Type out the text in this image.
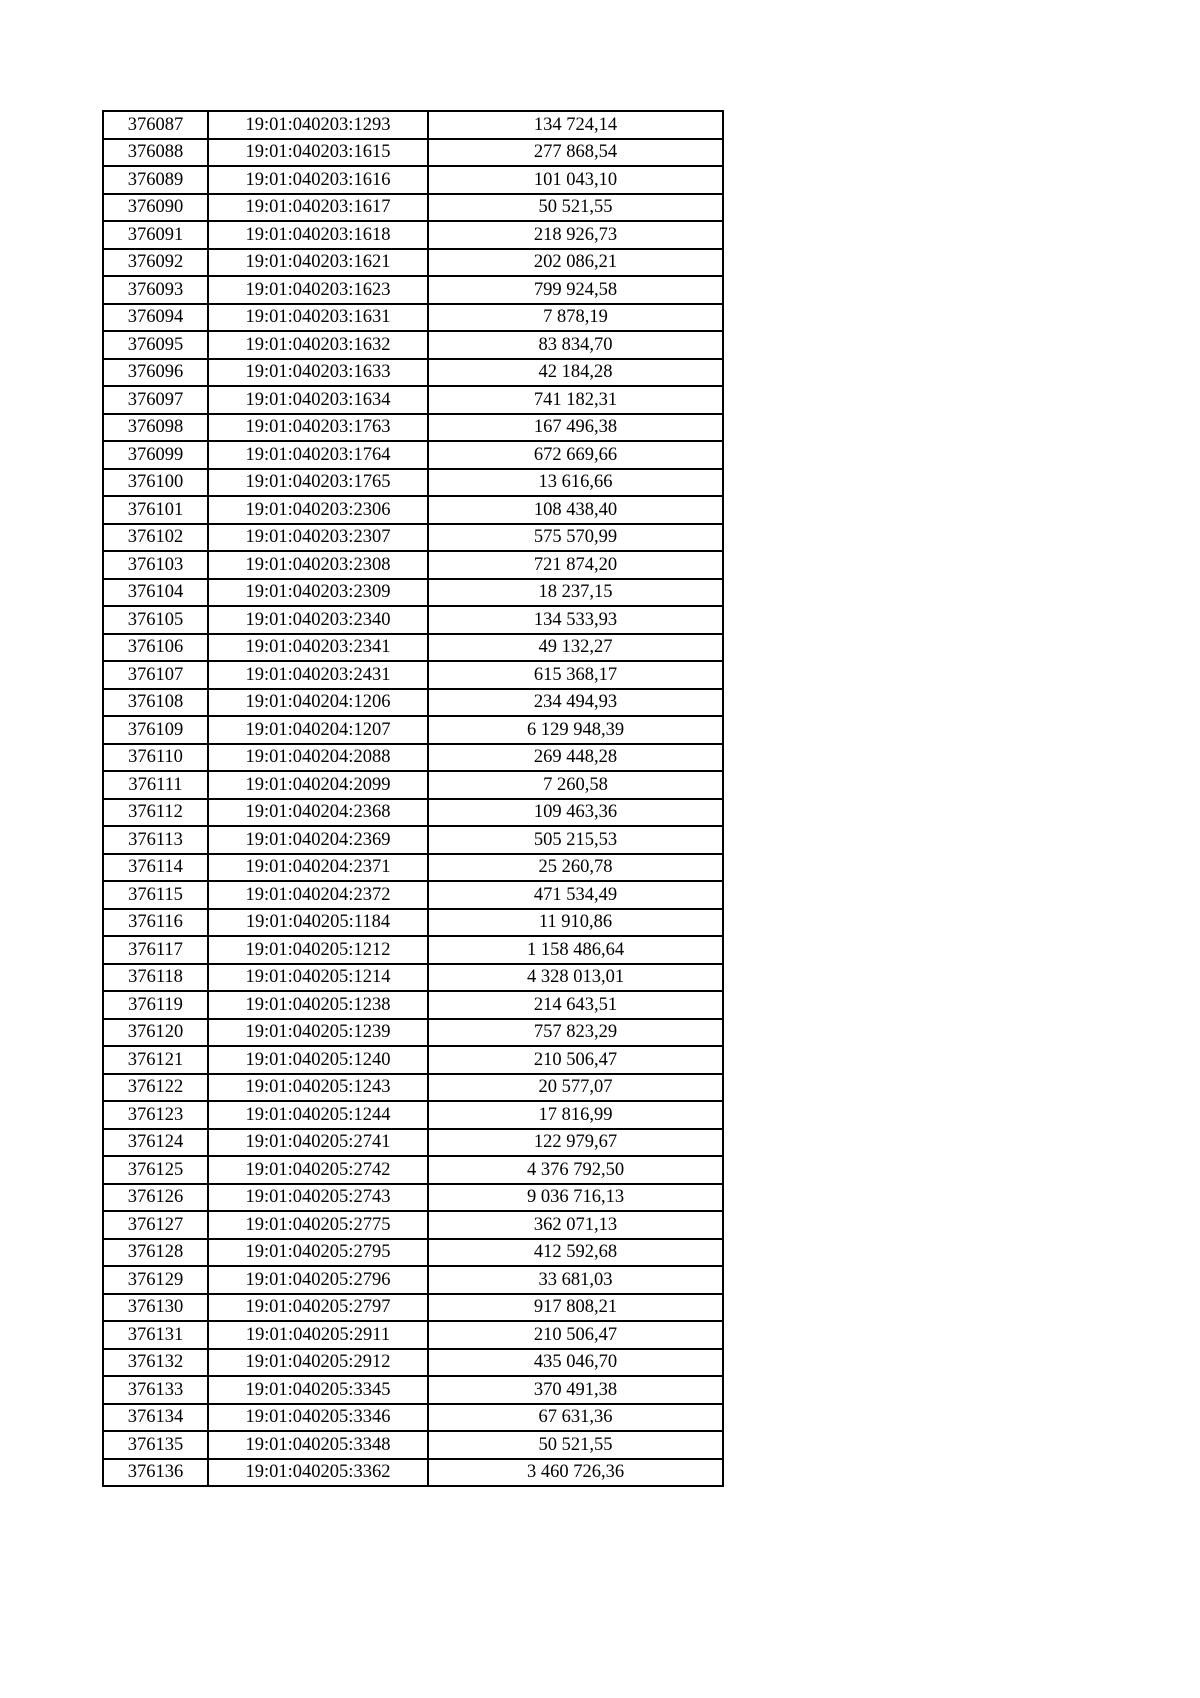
376087	19:01:040203:1293	134 724,14
376088	19:01:040203:1615	277 868,54
376089	19:01:040203:1616	101 043,10
376090	19:01:040203:1617	50 521,55
376091	19:01:040203:1618	218 926,73
376092	19:01:040203:1621	202 086,21
376093	19:01:040203:1623	799 924,58
376094	19:01:040203:1631	7 878,19
376095	19:01:040203:1632	83 834,70
376096	19:01:040203:1633	42 184,28
376097	19:01:040203:1634	741 182,31
376098	19:01:040203:1763	167 496,38
376099	19:01:040203:1764	672 669,66
376100	19:01:040203:1765	13 616,66
376101	19:01:040203:2306	108 438,40
376102	19:01:040203:2307	575 570,99
376103	19:01:040203:2308	721 874,20
376104	19:01:040203:2309	18 237,15
376105	19:01:040203:2340	134 533,93
376106	19:01:040203:2341	49 132,27
376107	19:01:040203:2431	615 368,17
376108	19:01:040204:1206	234 494,93
376109	19:01:040204:1207	6 129 948,39
376110	19:01:040204:2088	269 448,28
376111	19:01:040204:2099	7 260,58
376112	19:01:040204:2368	109 463,36
376113	19:01:040204:2369	505 215,53
376114	19:01:040204:2371	25 260,78
376115	19:01:040204:2372	471 534,49
376116	19:01:040205:1184	11 910,86
376117	19:01:040205:1212	1 158 486,64
376118	19:01:040205:1214	4 328 013,01
376119	19:01:040205:1238	214 643,51
376120	19:01:040205:1239	757 823,29
376121	19:01:040205:1240	210 506,47
376122	19:01:040205:1243	20 577,07
376123	19:01:040205:1244	17 816,99
376124	19:01:040205:2741	122 979,67
376125	19:01:040205:2742	4 376 792,50
376126	19:01:040205:2743	9 036 716,13
376127	19:01:040205:2775	362 071,13
376128	19:01:040205:2795	412 592,68
376129	19:01:040205:2796	33 681,03
376130	19:01:040205:2797	917 808,21
376131	19:01:040205:2911	210 506,47
376132	19:01:040205:2912	435 046,70
376133	19:01:040205:3345	370 491,38
376134	19:01:040205:3346	67 631,36
376135	19:01:040205:3348	50 521,55
376136	19:01:040205:3362	3 460 726,36
